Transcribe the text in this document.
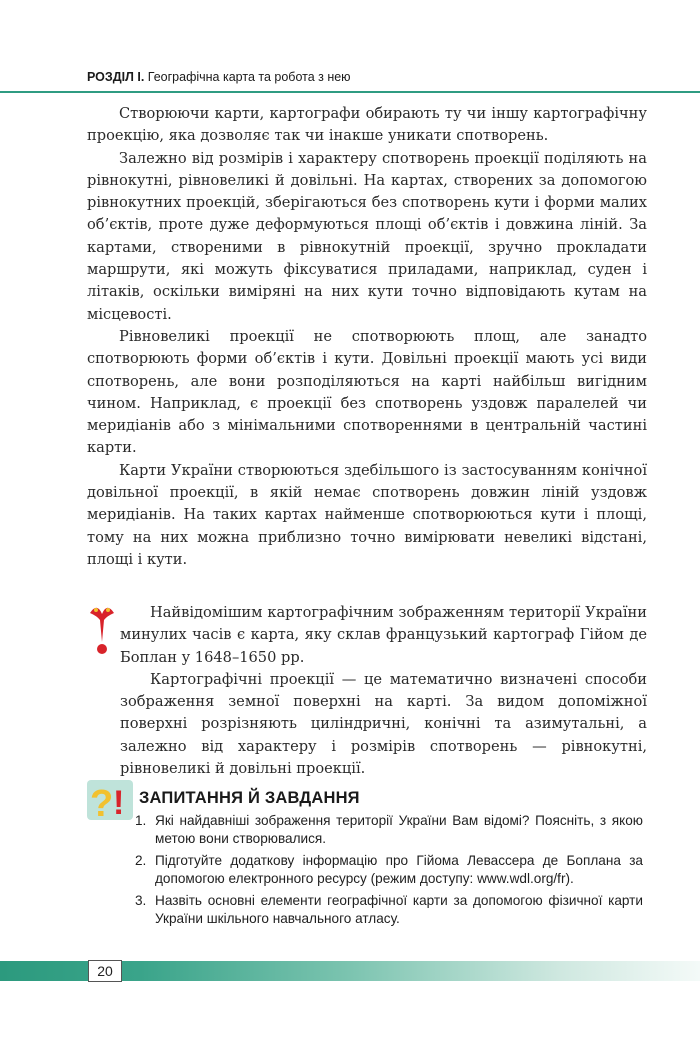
РОЗДІЛ І. Географічна карта та робота з нею

Створюючи карти, картографи обирають ту чи іншу картографічну проекцію, яка дозволяє так чи інакше уникати спотворень.

Залежно від розмірів і характеру спотворень проекції поділяють на рівнокутні, рівновеликі й довільні. На картах, створених за допомогою рівнокутних проекцій, зберігаються без спотворень кути і форми малих об’єктів, проте дуже деформуються площі об’єктів і довжина ліній. За картами, створеними в рівнокутній проекції, зручно прокладати маршрути, які можуть фіксуватися приладами, наприклад, суден і літаків, оскільки виміряні на них кути точно відповідають кутам на місцевості.

Рівновеликі проекції не спотворюють площ, але занадто спотворюють форми об’єктів і кути. Довільні проекції мають усі види спотворень, але вони розподіляються на карті найбільш вигідним чином. Наприклад, є проекції без спотворень уздовж паралелей чи меридіанів або з мінімальними спотвореннями в центральній частині карти.

Карти України створюються здебільшого із застосуванням конічної довільної проекції, в якій немає спотворень довжин ліній уздовж меридіанів. На таких картах найменше спотворюються кути і площі, тому на них можна приблизно точно вимірювати невеликі відстані, площі і кути.

Найвідомішим картографічним зображенням території України минулих часів є карта, яку склав французький картограф Гійом де Боплан у 1648–1650 рр.

Картографічні проекції — це математично визначені способи зображення земної поверхні на карті. За видом допоміжної поверхні розрізняють циліндричні, конічні та азимутальні, а залежно від характеру і розмірів спотворень — рівнокутні, рівновеликі й довільні проекції.

? ! ЗАПИТАННЯ Й ЗАВДАННЯ
1. Які найдавніші зображення території України Вам відомі? Поясніть, з якою метою вони створювалися.
2. Підготуйте додаткову інформацію про Гійома Левассера де Боплана за допомогою електронного ресурсу (режим доступу: www.wdl.org/fr).
3. Назвіть основні елементи географічної карти за допомогою фізичної карти України шкільного навчального атласу.
20
